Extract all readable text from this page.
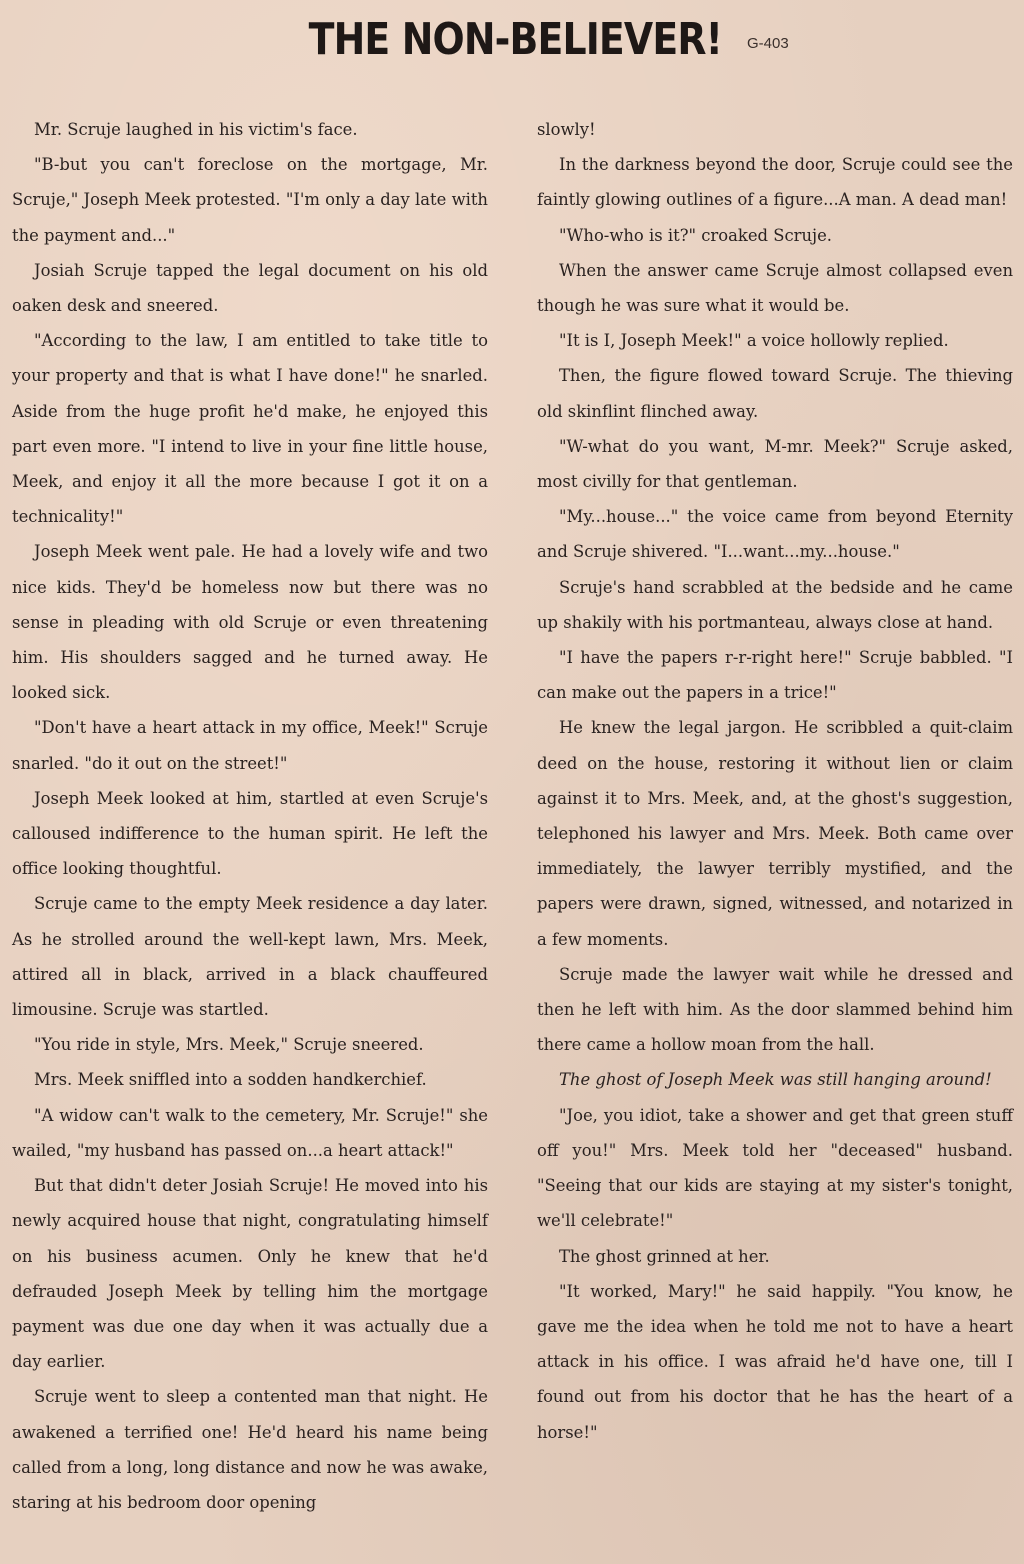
THE NON-BELIEVER! G-403

Mr. Scruje laughed in his victim's face.

"B-but you can't foreclose on the mortgage, Mr. Scruje," Joseph Meek protested. "I'm only a day late with the payment and..."

Josiah Scruje tapped the legal document on his old oaken desk and sneered.

"According to the law, I am entitled to take title to your property and that is what I have done!" he snarled. Aside from the huge profit he'd make, he enjoyed this part even more. "I intend to live in your fine little house, Meek, and enjoy it all the more because I got it on a technicality!"

Joseph Meek went pale. He had a lovely wife and two nice kids. They'd be homeless now but there was no sense in pleading with old Scruje or even threatening him. His shoulders sagged and he turned away. He looked sick.

"Don't have a heart attack in my office, Meek!" Scruje snarled. "do it out on the street!"

Joseph Meek looked at him, startled at even Scruje's calloused indifference to the human spirit. He left the office looking thoughtful.

Scruje came to the empty Meek residence a day later. As he strolled around the well-kept lawn, Mrs. Meek, attired all in black, arrived in a black chauffeured limousine. Scruje was startled.

"You ride in style, Mrs. Meek," Scruje sneered.

Mrs. Meek sniffled into a sodden handkerchief.

"A widow can't walk to the cemetery, Mr. Scruje!" she wailed, "my husband has passed on...a heart attack!"

But that didn't deter Josiah Scruje! He moved into his newly acquired house that night, congratulating himself on his business acumen. Only he knew that he'd defrauded Joseph Meek by telling him the mortgage payment was due one day when it was actually due a day earlier.

Scruje went to sleep a contented man that night. He awakened a terrified one! He'd heard his name being called from a long, long distance and now he was awake, staring at his bedroom door opening

slowly!

In the darkness beyond the door, Scruje could see the faintly glowing outlines of a figure...A man. A dead man!

"Who-who is it?" croaked Scruje.

When the answer came Scruje almost collapsed even though he was sure what it would be.

"It is I, Joseph Meek!" a voice hollowly replied.

Then, the figure flowed toward Scruje. The thieving old skinflint flinched away.

"W-what do you want, M-mr. Meek?" Scruje asked, most civilly for that gentleman.

"My...house..." the voice came from beyond Eternity and Scruje shivered. "I...want...my...house."

Scruje's hand scrabbled at the bedside and he came up shakily with his portmanteau, always close at hand.

"I have the papers r-r-right here!" Scruje babbled. "I can make out the papers in a trice!"

He knew the legal jargon. He scribbled a quit-claim deed on the house, restoring it without lien or claim against it to Mrs. Meek, and, at the ghost's suggestion, telephoned his lawyer and Mrs. Meek. Both came over immediately, the lawyer terribly mystified, and the papers were drawn, signed, witnessed, and notarized in a few moments.

Scruje made the lawyer wait while he dressed and then he left with him. As the door slammed behind him there came a hollow moan from the hall.

The ghost of Joseph Meek was still hanging around!

"Joe, you idiot, take a shower and get that green stuff off you!" Mrs. Meek told her "deceased" husband. "Seeing that our kids are staying at my sister's tonight, we'll celebrate!"

The ghost grinned at her.

"It worked, Mary!" he said happily. "You know, he gave me the idea when he told me not to have a heart attack in his office. I was afraid he'd have one, till I found out from his doctor that he has the heart of a horse!"
